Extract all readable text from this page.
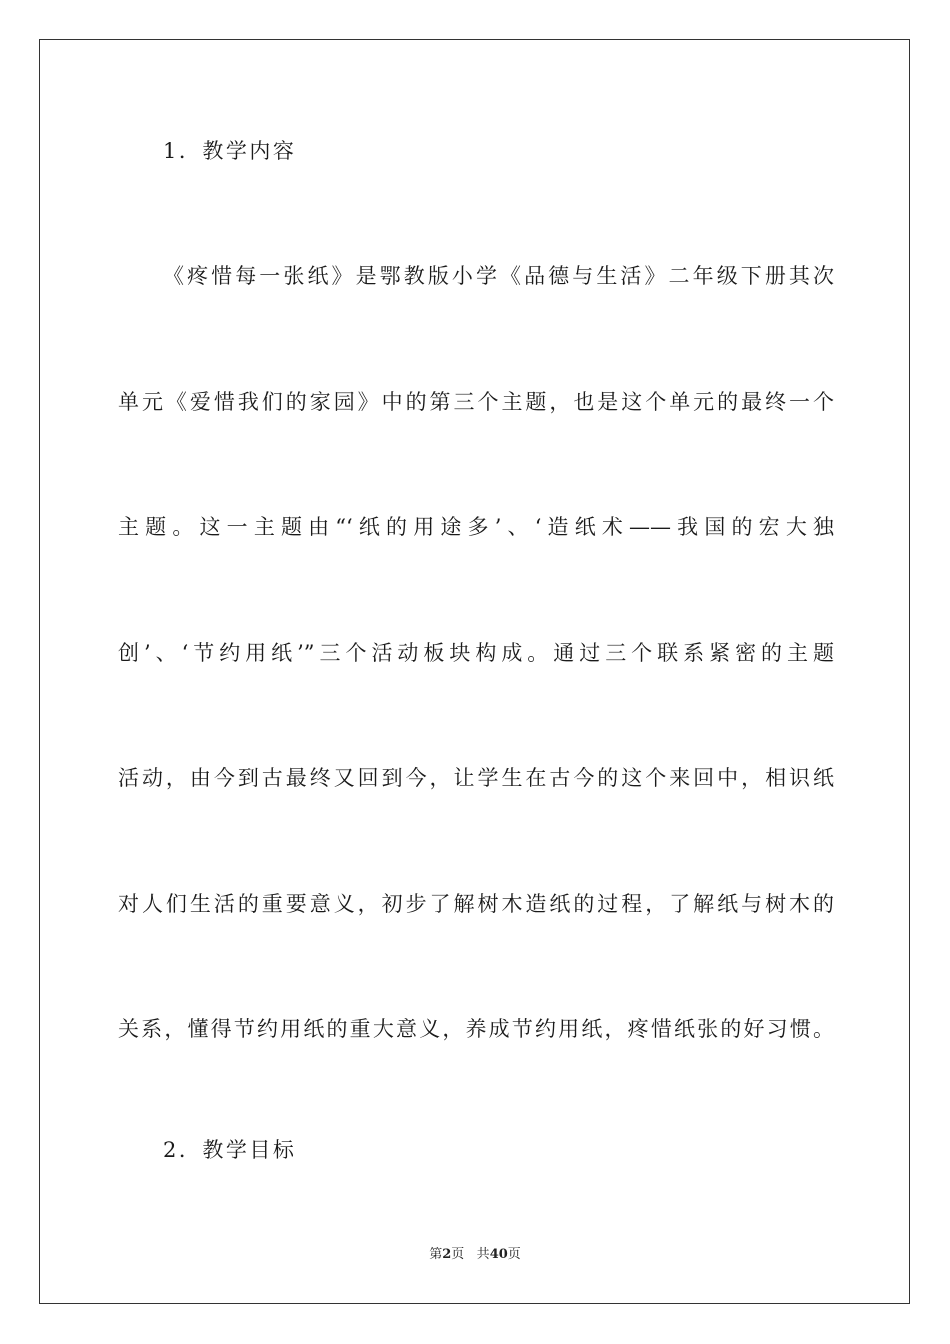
1．教学内容
《疼惜每一张纸》是鄂教版小学《品德与生活》二年级下册其次
单元《爱惜我们的家园》中的第三个主题，也是这个单元的最终一个
主题。这一主题由“‘纸的用途多’、‘造纸术——我国的宏大独
创’、‘节约用纸’”三个活动板块构成。通过三个联系紧密的主题
活动，由今到古最终又回到今，让学生在古今的这个来回中，相识纸
对人们生活的重要意义，初步了解树木造纸的过程，了解纸与树木的
关系，懂得节约用纸的重大意义，养成节约用纸，疼惜纸张的好习惯。
2．教学目标
第2页 共40页
